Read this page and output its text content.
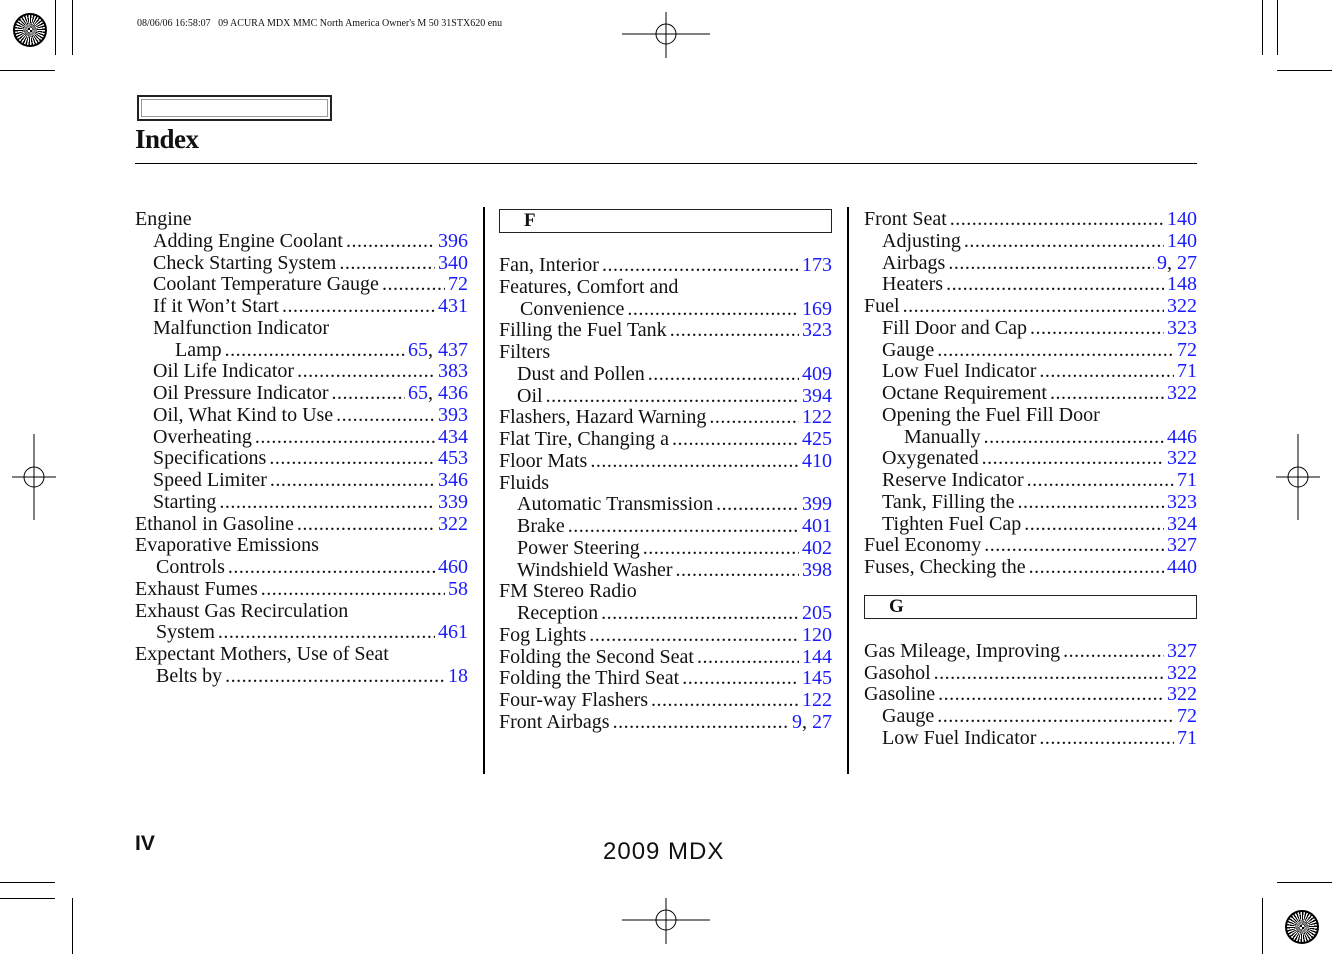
08/06/06 16:58:07   09 ACURA MDX MMC North America Owner's M 50 31STX620 enu
Index
Engine
Adding Engine Coolant .....	396
Check Starting System .....	340
Coolant Temperature Gauge .....	72
If it Won’t Start .....	431
Malfunction Indicator
Lamp .....	65, 437
Oil Life Indicator .....	383
Oil Pressure Indicator .....	65, 436
Oil, What Kind to Use .....	393
Overheating .....	434
Specifications .....	453
Speed Limiter .....	346
Starting .....	339
Ethanol in Gasoline .....	322
Evaporative Emissions
Controls .....	460
Exhaust Fumes .....	58
Exhaust Gas Recirculation
System .....	461
Expectant Mothers, Use of Seat
Belts by .....	18
F
Fan, Interior .....	173
Features, Comfort and
Convenience .....	169
Filling the Fuel Tank .....	323
Filters
Dust and Pollen .....	409
Oil .....	394
Flashers, Hazard Warning .....	122
Flat Tire, Changing a .....	425
Floor Mats .....	410
Fluids
Automatic Transmission .....	399
Brake .....	401
Power Steering .....	402
Windshield Washer .....	398
FM Stereo Radio
Reception .....	205
Fog Lights .....	120
Folding the Second Seat .....	144
Folding the Third Seat .....	145
Four-way Flashers .....	122
Front Airbags .....	9, 27
Front Seat .....	140
Adjusting .....	140
Airbags .....	9, 27
Heaters .....	148
Fuel .....	322
Fill Door and Cap .....	323
Gauge .....	72
Low Fuel Indicator .....	71
Octane Requirement .....	322
Opening the Fuel Fill Door
Manually .....	446
Oxygenated .....	322
Reserve Indicator .....	71
Tank, Filling the .....	323
Tighten Fuel Cap .....	324
Fuel Economy .....	327
Fuses, Checking the .....	440
G
Gas Mileage, Improving .....	327
Gasohol .....	322
Gasoline .....	322
Gauge .....	72
Low Fuel Indicator .....	71
IV	2009 MDX
